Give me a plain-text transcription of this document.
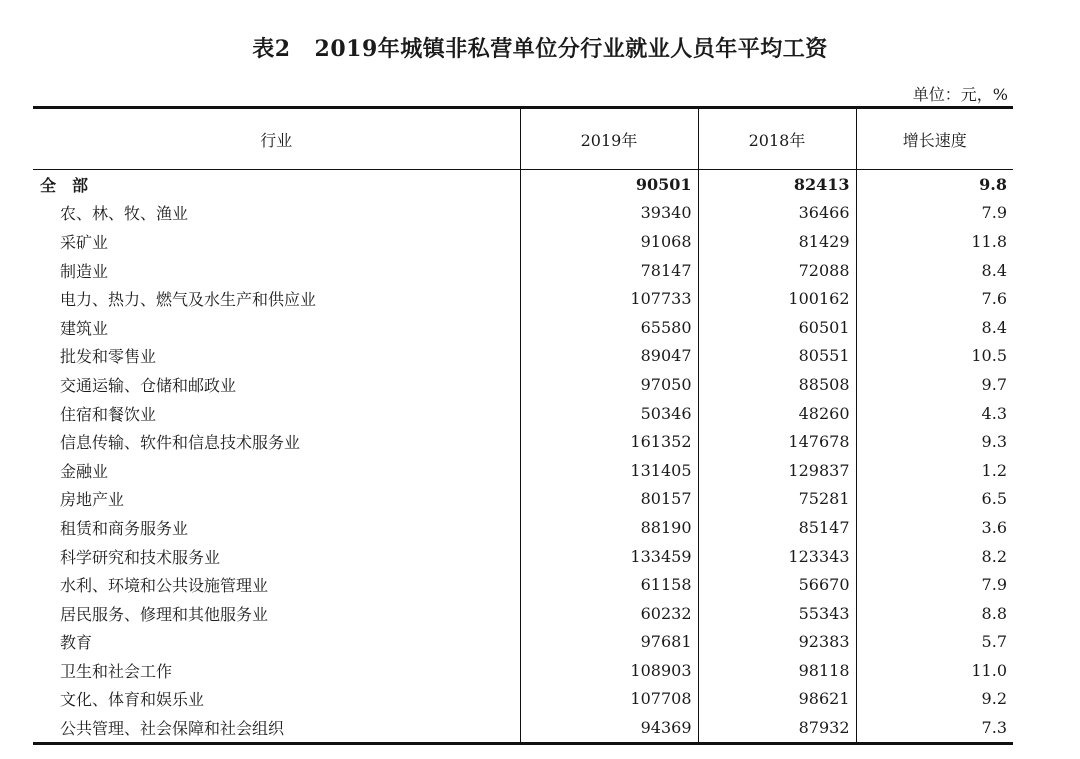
表2 2019年城镇非私营单位分行业就业人员年平均工资
单位：元，%
行业	2019年	2018年	增长速度
全　部	90501	82413	9.8
农、林、牧、渔业	39340	36466	7.9
采矿业	91068	81429	11.8
制造业	78147	72088	8.4
电力、热力、燃气及水生产和供应业	107733	100162	7.6
建筑业	65580	60501	8.4
批发和零售业	89047	80551	10.5
交通运输、仓储和邮政业	97050	88508	9.7
住宿和餐饮业	50346	48260	4.3
信息传输、软件和信息技术服务业	161352	147678	9.3
金融业	131405	129837	1.2
房地产业	80157	75281	6.5
租赁和商务服务业	88190	85147	3.6
科学研究和技术服务业	133459	123343	8.2
水利、环境和公共设施管理业	61158	56670	7.9
居民服务、修理和其他服务业	60232	55343	8.8
教育	97681	92383	5.7
卫生和社会工作	108903	98118	11.0
文化、体育和娱乐业	107708	98621	9.2
公共管理、社会保障和社会组织	94369	87932	7.3
